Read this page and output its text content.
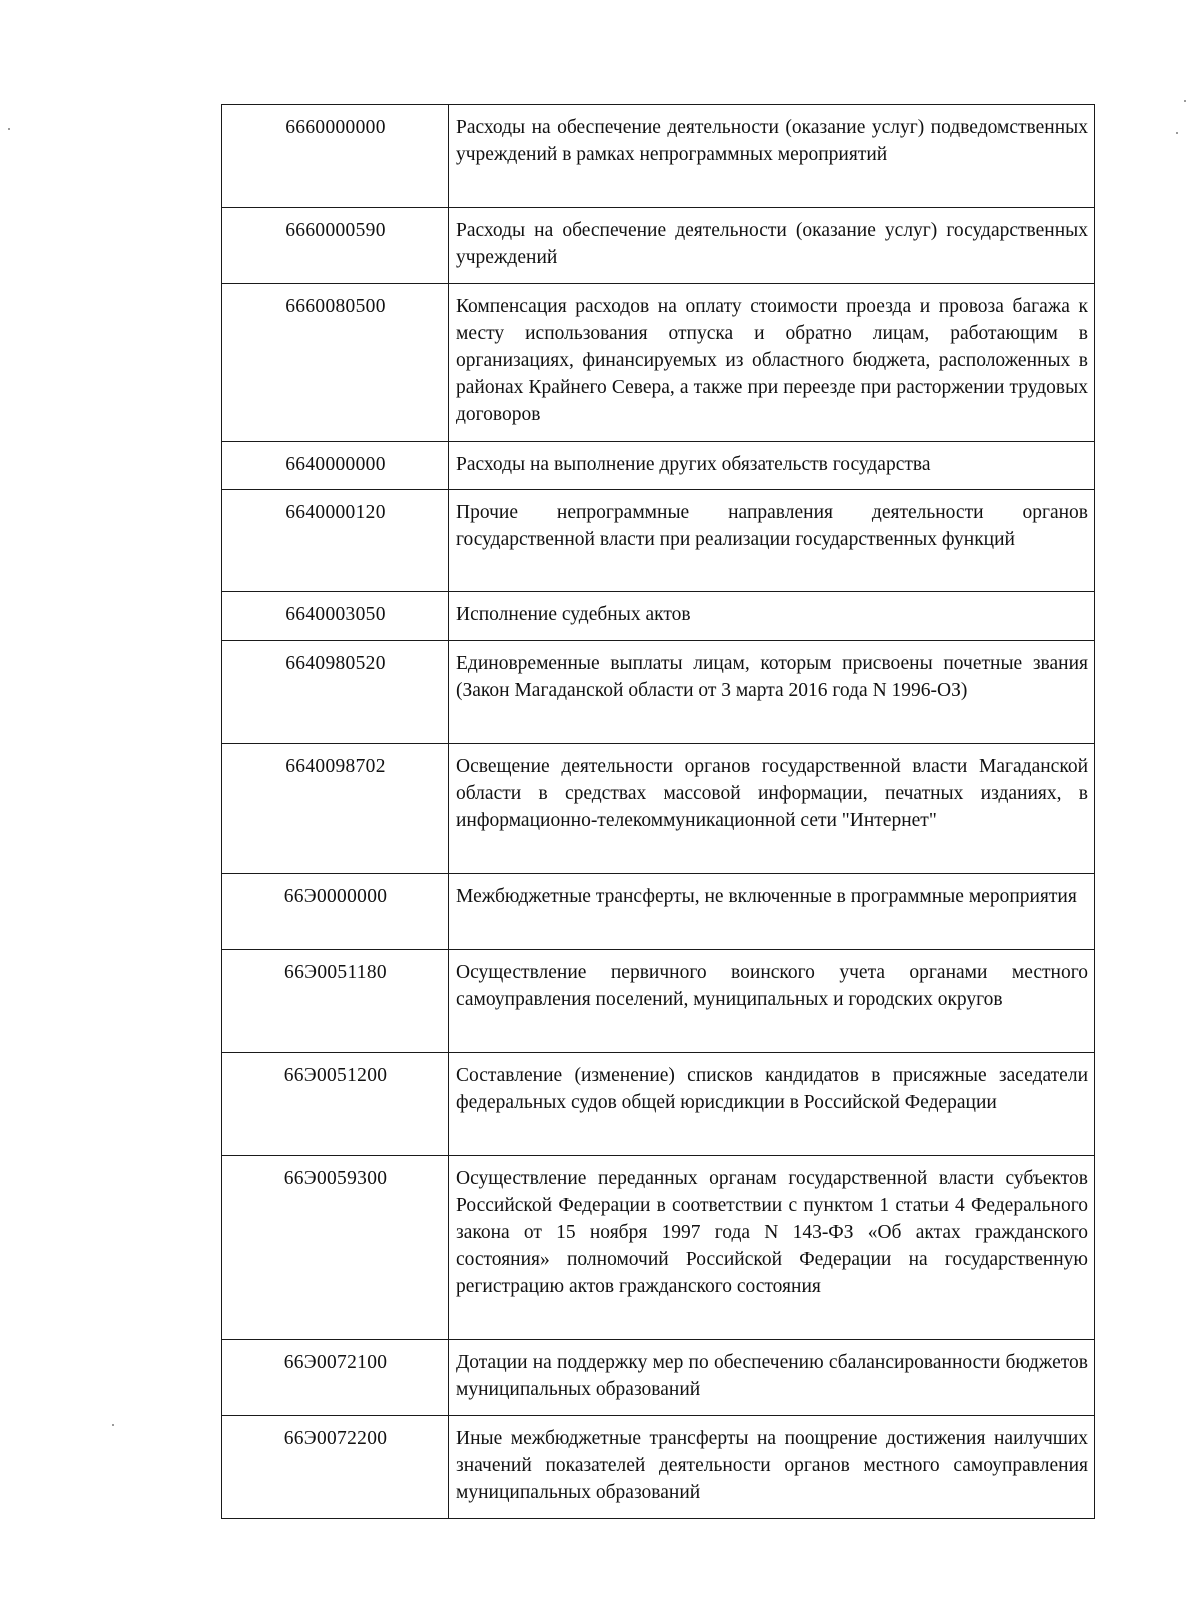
6660000000	Расходы на обеспечение деятельности (оказание услуг) подведомственных учреждений в рамках непрограммных мероприятий
6660000590	Расходы на обеспечение деятельности (оказание услуг) государственных учреждений
6660080500	Компенсация расходов на оплату стоимости проезда и провоза багажа к месту использования отпуска и обратно лицам, работающим в организациях, финансируемых из областного бюджета, расположенных в районах Крайнего Севера, а также при переезде при расторжении трудовых договоров
6640000000	Расходы на выполнение других обязательств государства
6640000120	Прочие непрограммные направления деятельности органов государственной власти при реализации государственных функций
6640003050	Исполнение судебных актов
6640980520	Единовременные выплаты лицам, которым присвоены почетные звания (Закон Магаданской области от 3 марта 2016 года N 1996-ОЗ)
6640098702	Освещение деятельности органов государственной власти Магаданской области в средствах массовой информации, печатных изданиях, в информационно-телекоммуникационной сети "Интернет"
66Э0000000	Межбюджетные трансферты, не включенные в программные мероприятия
66Э0051180	Осуществление первичного воинского учета органами местного самоуправления поселений, муниципальных и городских округов
66Э0051200	Составление (изменение) списков кандидатов в присяжные заседатели федеральных судов общей юрисдикции в Российской Федерации
66Э0059300	Осуществление переданных органам государственной власти субъектов Российской Федерации в соответствии с пунктом 1 статьи 4 Федерального закона от 15 ноября 1997 года N 143-ФЗ «Об актах гражданского состояния» полномочий Российской Федерации на государственную регистрацию актов гражданского состояния
66Э0072100	Дотации на поддержку мер по обеспечению сбалансированности бюджетов муниципальных образований
66Э0072200	Иные межбюджетные трансферты на поощрение достижения наилучших значений показателей деятельности органов местного самоуправления муниципальных образований
